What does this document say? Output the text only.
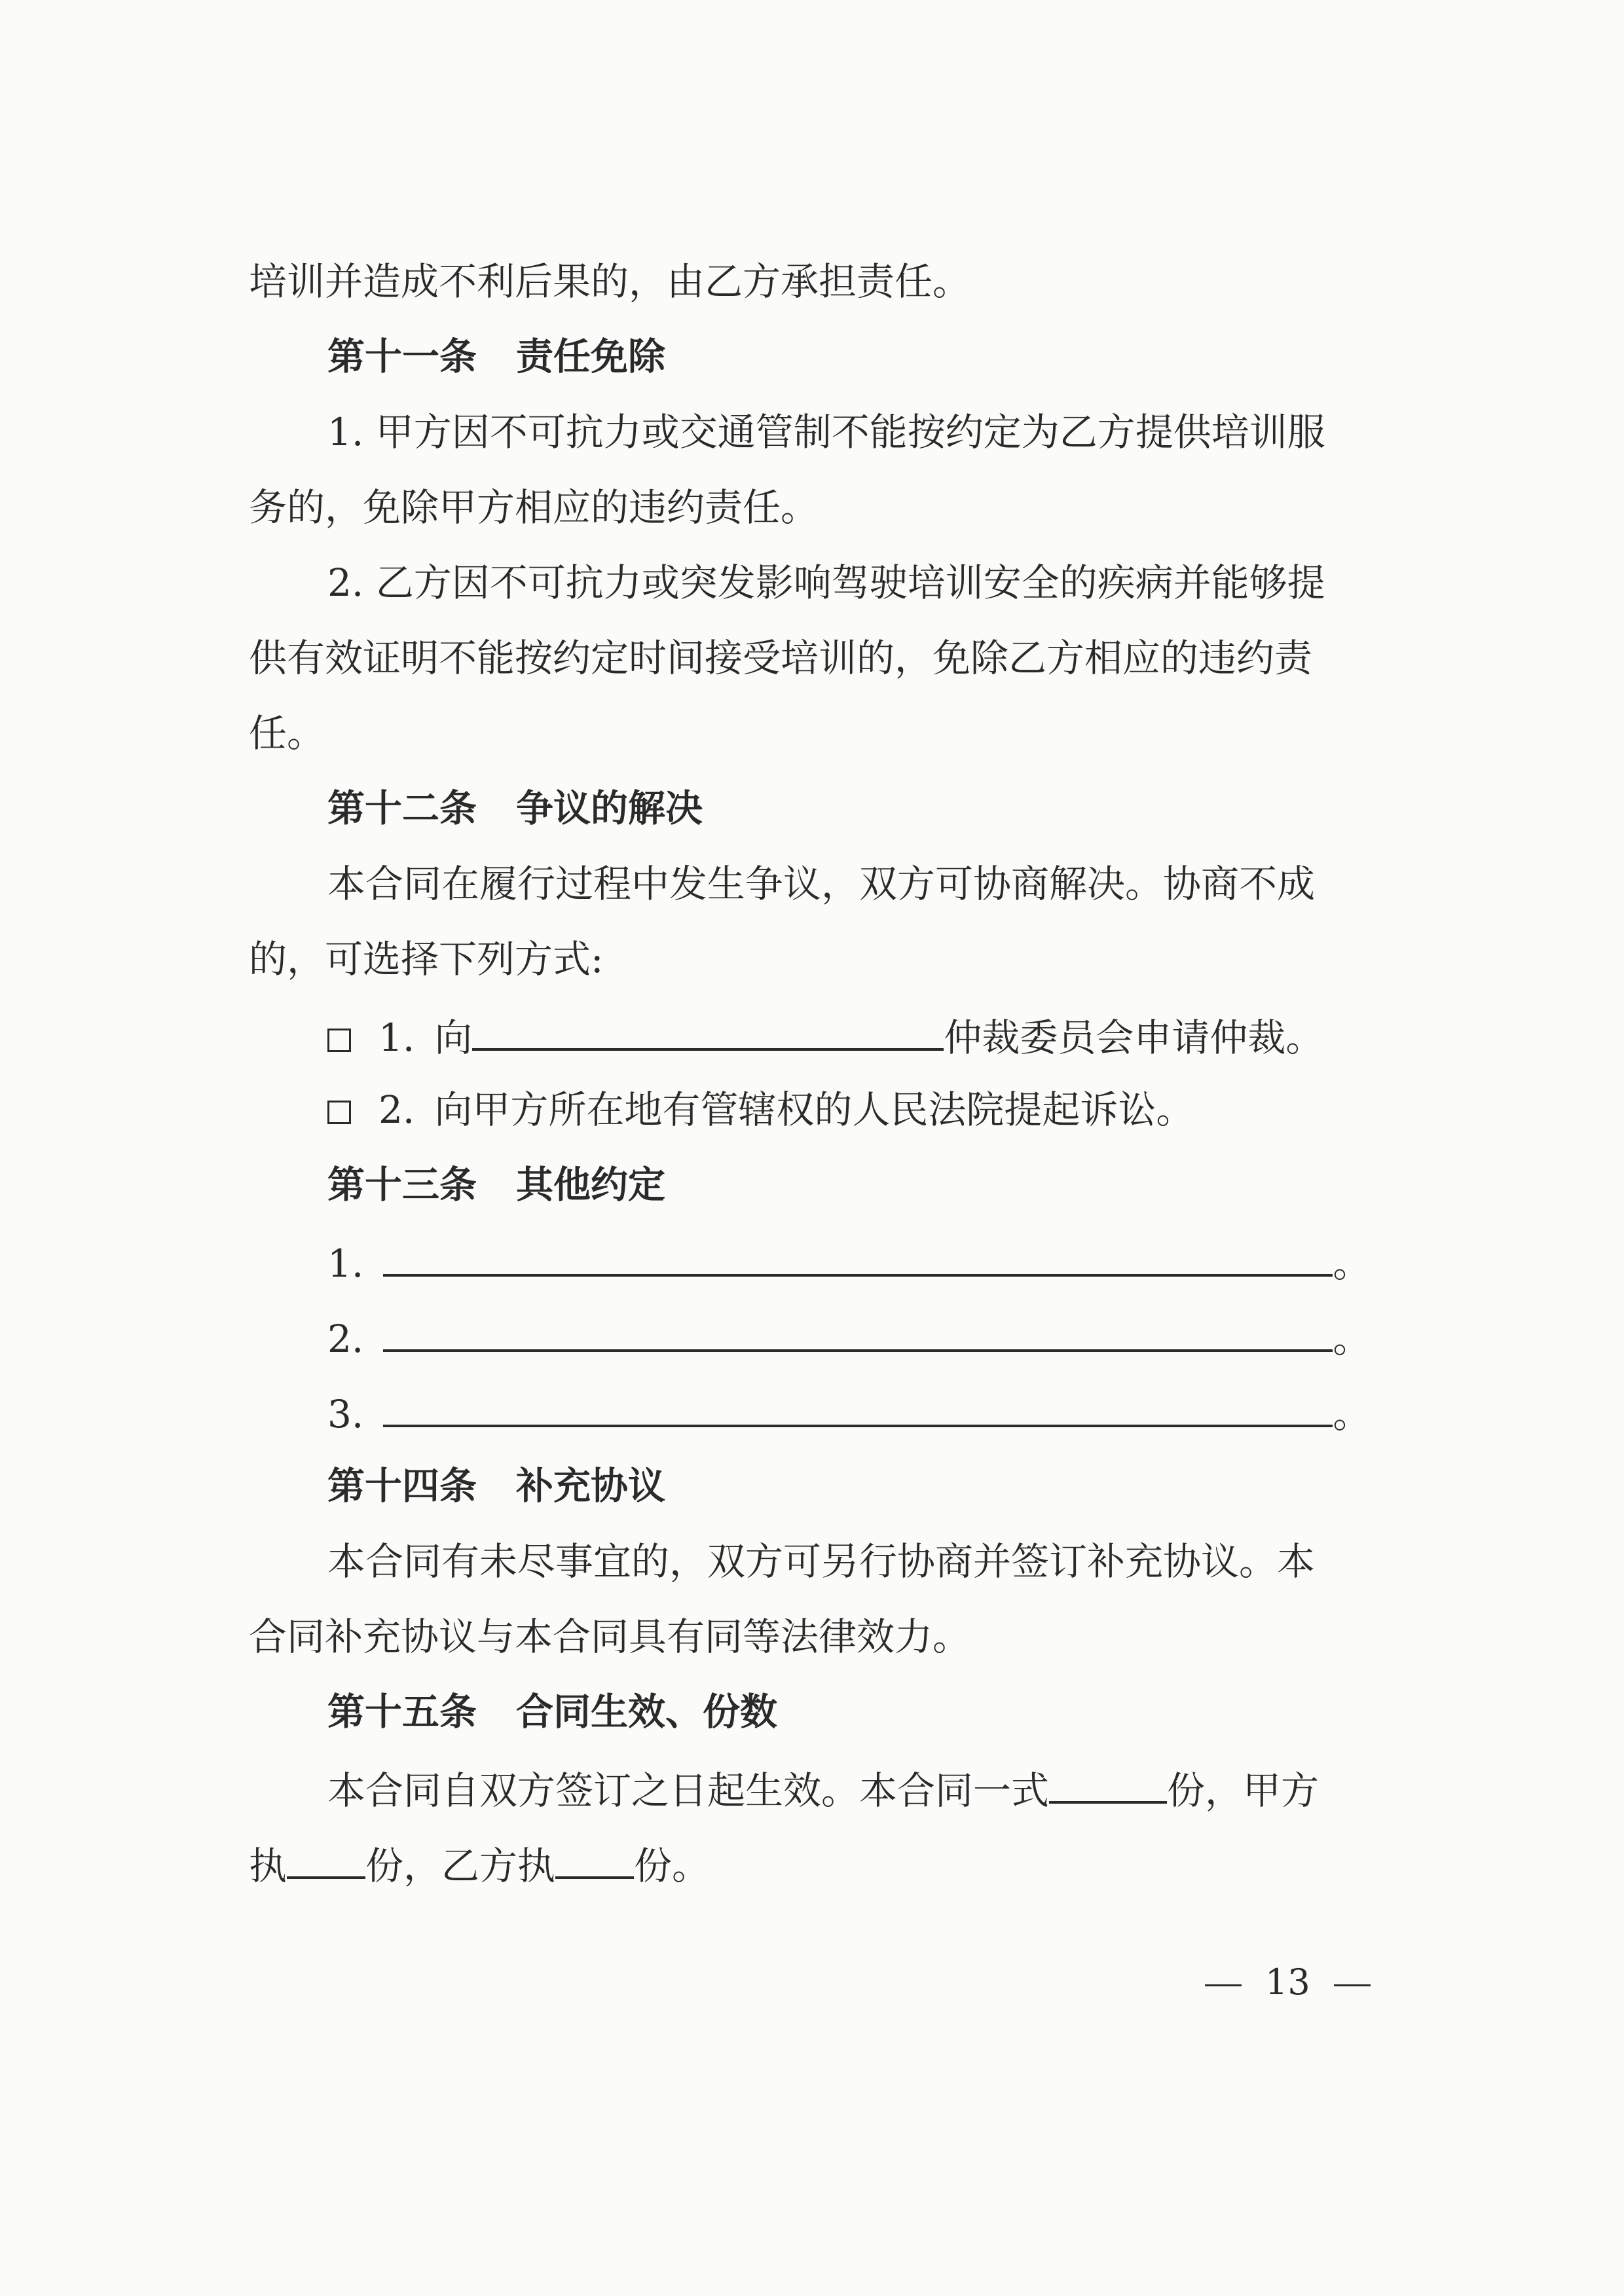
培训并造成不利后果的，由乙方承担责任。
第十一条 责任免除
1. 甲方因不可抗力或交通管制不能按约定为乙方提供培训服
务的，免除甲方相应的违约责任。
2. 乙方因不可抗力或突发影响驾驶培训安全的疾病并能够提
供有效证明不能按约定时间接受培训的，免除乙方相应的违约责
任。
第十二条 争议的解决
本合同在履行过程中发生争议，双方可协商解决。协商不成
的，可选择下列方式:
1. 向	仲裁委员会申请仲裁。
2. 向甲方所在地有管辖权的人民法院提起诉讼。
第十三条 其他约定
1.	。
2.	。
3.	。
第十四条 补充协议
本合同有未尽事宜的，双方可另行协商并签订补充协议。本
合同补充协议与本合同具有同等法律效力。
第十五条 合同生效、份数
本合同自双方签订之日起生效。本合同一式	份，甲方
执 份，乙方执 份。
13
